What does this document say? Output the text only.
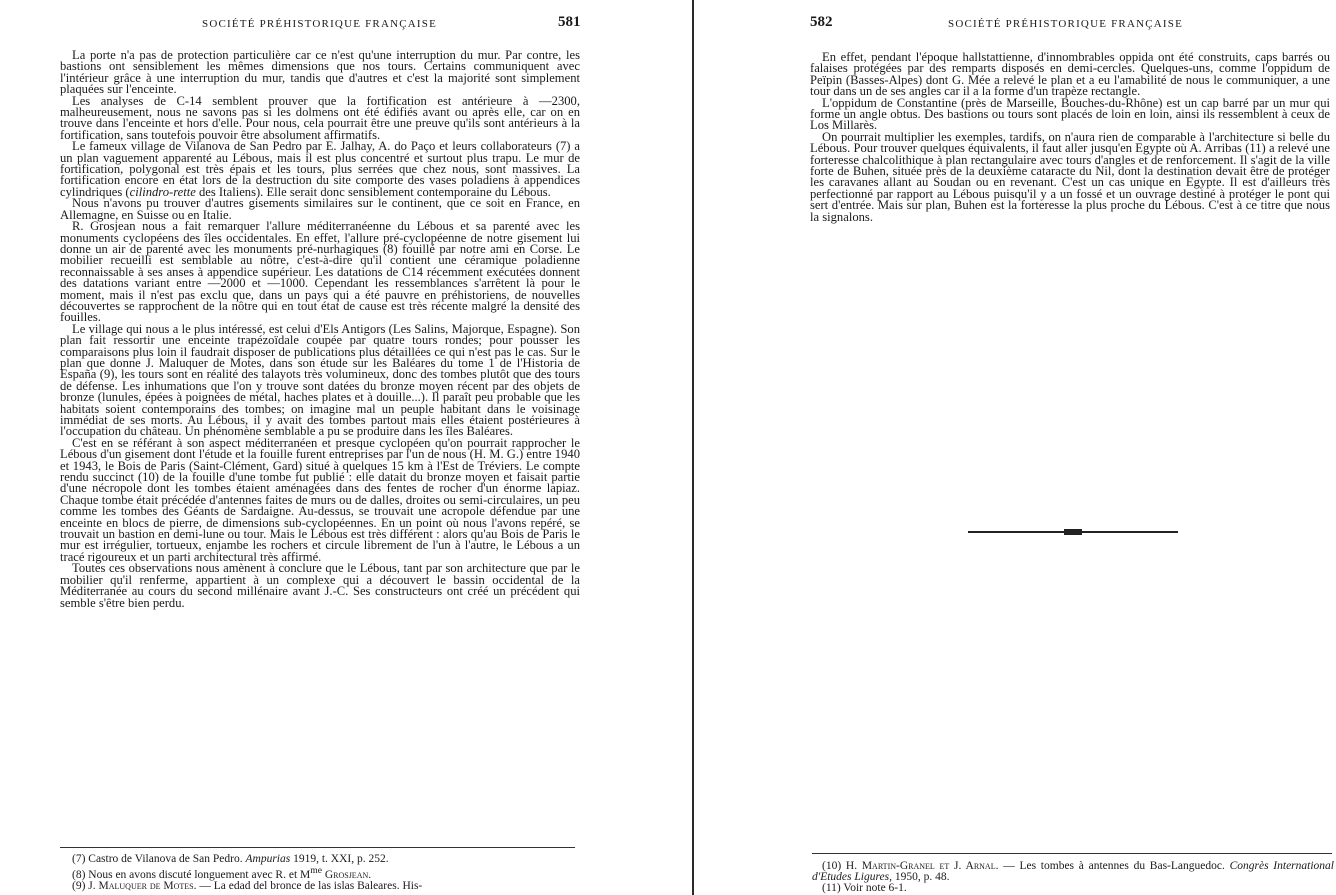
SOCIÉTÉ PRÉHISTORIQUE FRANÇAISE	581

La porte n'a pas de protection particulière car ce n'est qu'une interruption du mur. Par contre, les bastions ont sensiblement les mêmes dimensions que nos tours. Certains communiquent avec l'intérieur grâce à une interruption du mur, tandis que d'autres et c'est la majorité sont simplement plaquées sur l'enceinte.

Les analyses de C-14 semblent prouver que la fortification est antérieure à —2300, malheureusement, nous ne savons pas si les dolmens ont été édifiés avant ou après elle, car on en trouve dans l'enceinte et hors d'elle. Pour nous, cela pourrait être une preuve qu'ils sont antérieurs à la fortification, sans toutefois pouvoir être absolument affirmatifs.

Le fameux village de Vilanova de San Pedro par E. Jalhay, A. do Paço et leurs collaborateurs (7) a un plan vaguement apparenté au Lébous, mais il est plus concentré et surtout plus trapu. Le mur de fortification, polygonal est très épais et les tours, plus serrées que chez nous, sont massives. La fortification encore en état lors de la destruction du site comporte des vases poladiens à appendices cylindriques (cilindro-rette des Italiens). Elle serait donc sensiblement contemporaine du Lébous.

Nous n'avons pu trouver d'autres gisements similaires sur le continent, que ce soit en France, en Allemagne, en Suisse ou en Italie.

R. Grosjean nous a fait remarquer l'allure méditerranéenne du Lébous et sa parenté avec les monuments cyclopéens des îles occidentales. En effet, l'allure pré-cyclopéenne de notre gisement lui donne un air de parenté avec les monuments pré-nurhagiques (8) fouillé par notre ami en Corse. Le mobilier recueilli est semblable au nôtre, c'est-à-dire qu'il contient une céramique poladienne reconnaissable à ses anses à appendice supérieur. Les datations de C14 récemment exécutées donnent des datations variant entre —2000 et —1000. Cependant les ressemblances s'arrêtent là pour le moment, mais il n'est pas exclu que, dans un pays qui a été pauvre en préhistoriens, de nouvelles découvertes se rapprochent de la nôtre qui en tout état de cause est très récente malgré la densité des fouilles.

Le village qui nous a le plus intéressé, est celui d'Els Antigors (Les Salins, Majorque, Espagne). Son plan fait ressortir une enceinte trapézoïdale coupée par quatre tours rondes; pour pousser les comparaisons plus loin il faudrait disposer de publications plus détaillées ce qui n'est pas le cas. Sur le plan que donne J. Maluquer de Motes, dans son étude sur les Baléares du tome 1 de l'Historia de España (9), les tours sont en réalité des talayots très volumineux, donc des tombes plutôt que des tours de défense. Les inhumations que l'on y trouve sont datées du bronze moyen récent par des objets de bronze (lunules, épées à poignées de métal, haches plates et à douille...). Il paraît peu probable que les habitats soient contemporains des tombes; on imagine mal un peuple habitant dans le voisinage immédiat de ses morts. Au Lébous, il y avait des tombes partout mais elles étaient postérieures à l'occupation du château. Un phénomène semblable a pu se produire dans les îles Baléares.

C'est en se référant à son aspect méditerranéen et presque cyclopéen qu'on pourrait rapprocher le Lébous d'un gisement dont l'étude et la fouille furent entreprises par l'un de nous (H. M. G.) entre 1940 et 1943, le Bois de Paris (Saint-Clément, Gard) situé à quelques 15 km à l'Est de Tréviers. Le compte rendu succinct (10) de la fouille d'une tombe fut publié : elle datait du bronze moyen et faisait partie d'une nécropole dont les tombes étaient aménagées dans des fentes de rocher d'un énorme lapiaz. Chaque tombe était précédée d'antennes faites de murs ou de dalles, droites ou semi-circulaires, un peu comme les tombes des Géants de Sardaigne. Au-dessus, se trouvait une acropole défendue par une enceinte en blocs de pierre, de dimensions sub-cyclopéennes. En un point où nous l'avons repéré, se trouvait un bastion en demi-lune ou tour. Mais le Lébous est très différent : alors qu'au Bois de Paris le mur est irrégulier, tortueux, enjambe les rochers et circule librement de l'un à l'autre, le Lébous a un tracé rigoureux et un parti architectural très affirmé.

Toutes ces observations nous amènent à conclure que le Lébous, tant par son architecture que par le mobilier qu'il renferme, appartient à un complexe qui a découvert le bassin occidental de la Méditerranée au cours du second millénaire avant J.-C. Ses constructeurs ont créé un précédent qui semble s'être bien perdu.

(7) Castro de Vilanova de San Pedro. Ampurias 1919, t. XXI, p. 252.

(8) Nous en avons discuté longuement avec R. et $M^{me}$ Grosjean.

(9) J. Maluquer de Motes. — La edad del bronce de las islas Baleares. His-

582	SOCIÉTÉ PRÉHISTORIQUE FRANÇAISE

En effet, pendant l'époque hallstattienne, d'innombrables oppida ont été construits, caps barrés ou falaises protégées par des remparts disposés en demi-cercles. Quelques-uns, comme l'oppidum de Peïpin (Basses-Alpes) dont G. Mée a relevé le plan et a eu l'amabilité de nous le communiquer, a une tour dans un de ses angles car il a la forme d'un trapèze rectangle.

L'oppidum de Constantine (près de Marseille, Bouches-du-Rhône) est un cap barré par un mur qui forme un angle obtus. Des bastions ou tours sont placés de loin en loin, ainsi ils ressemblent à ceux de Los Millarès.

On pourrait multiplier les exemples, tardifs, on n'aura rien de comparable à l'architecture si belle du Lébous. Pour trouver quelques équivalents, il faut aller jusqu'en Egypte où A. Arribas (11) a relevé une forteresse chalcolithique à plan rectangulaire avec tours d'angles et de renforcement. Il s'agit de la ville forte de Buhen, située près de la deuxième cataracte du Nil, dont la destination devait être de protéger les caravanes allant au Soudan ou en revenant. C'est un cas unique en Egypte. Il est d'ailleurs très perfectionné par rapport au Lébous puisqu'il y a un fossé et un ouvrage destiné à protéger le pont qui sert d'entrée. Mais sur plan, Buhen est la forteresse la plus proche du Lébous. C'est à ce titre que nous la signalons.

(10) H. Martin-Granel et J. Arnal. — Les tombes à antennes du Bas-Languedoc. Congrès International d'Etudes Ligures, 1950, p. 48.

(11) Voir note 6-1.
